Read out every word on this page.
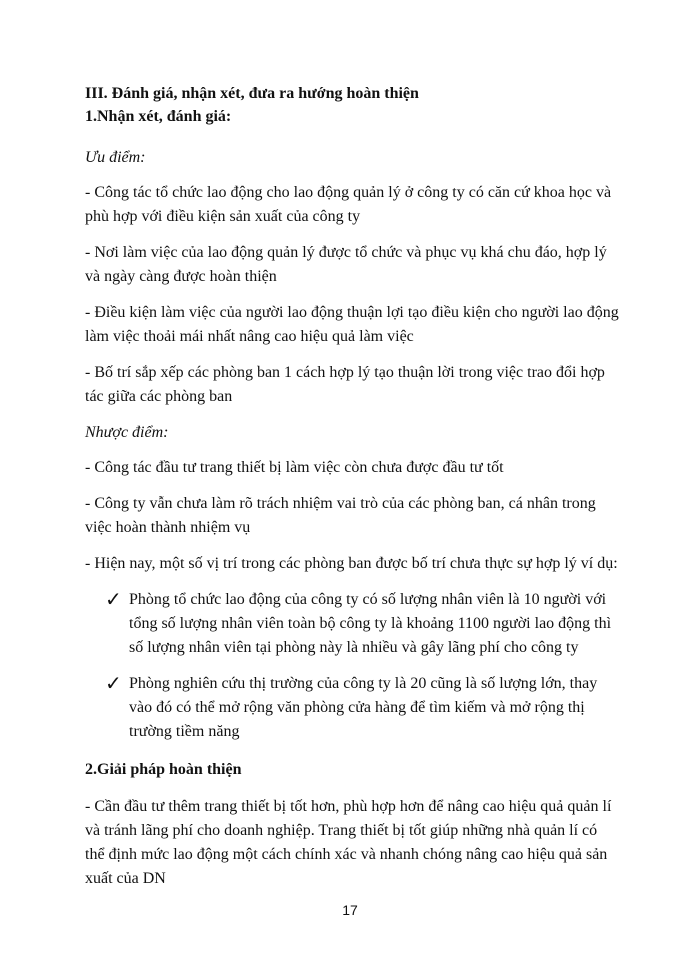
III. Đánh giá, nhận xét, đưa ra hướng hoàn thiện

1.Nhận xét, đánh giá:

Ưu điểm:

- Công tác tổ chức lao động cho lao động quản lý ở công ty có căn cứ khoa học và phù hợp với điều kiện sản xuất của công ty

- Nơi làm việc của lao động quản lý được tổ chức và phục vụ khá chu đáo, hợp lý và ngày càng được hoàn thiện

- Điều kiện làm việc của người lao động thuận lợi tạo điều kiện cho người lao động làm việc thoải mái nhất nâng cao hiệu quả làm việc

- Bố trí sắp xếp các phòng ban 1 cách hợp lý tạo thuận lời trong việc trao đổi hợp tác giữa các phòng ban

Nhược điểm:

- Công tác đầu tư trang thiết bị làm việc còn chưa được đầu tư tốt

- Công ty vẫn chưa làm rõ trách nhiệm vai trò của các phòng ban, cá nhân trong việc hoàn thành nhiệm vụ

- Hiện nay, một số vị trí trong các phòng ban được bố trí chưa thực sự hợp lý ví dụ:

✓ Phòng tổ chức lao động của công ty có số lượng nhân viên là 10 người với tổng số lượng nhân viên toàn bộ công ty là khoảng 1100 người lao động thì số lượng nhân viên tại phòng này là nhiều và gây lãng phí cho công ty
✓ Phòng nghiên cứu thị trường của công ty là 20 cũng là số lượng lớn, thay vào đó có thể mở rộng văn phòng cửa hàng để tìm kiếm và mở rộng thị trường tiềm năng

2.Giải pháp hoàn thiện

- Cần đầu tư thêm trang thiết bị tốt hơn, phù hợp hơn để nâng cao hiệu quả quản lí và tránh lãng phí cho doanh nghiệp. Trang thiết bị tốt giúp những nhà quản lí có thể định mức lao động một cách chính xác và nhanh chóng nâng cao hiệu quả sản xuất của DN

17
